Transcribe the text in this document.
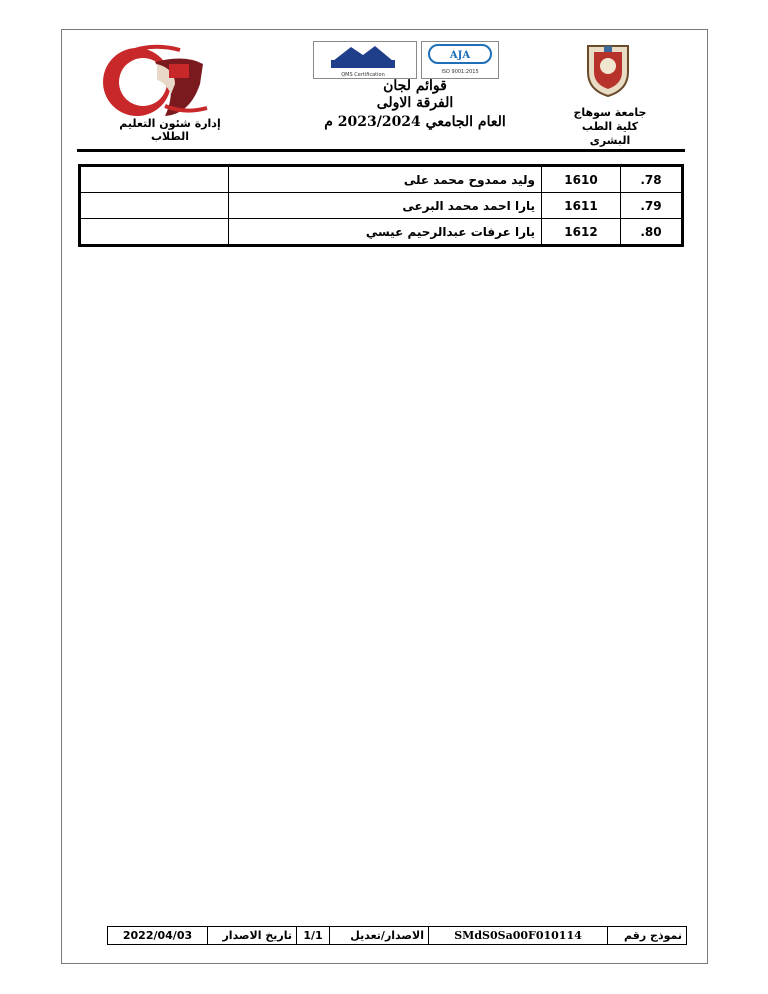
إدارة شئون التعليم الطلاب
QMS Certification
AJA
ISO 9001:2015
قوائم لجان
الفرقة الاولى
العام الجامعي 2023/2024 م
جامعة سوهاج
كلية الطب البشرى
.78	1610	وليد ممدوح محمد على	
.79	1611	يارا احمد محمد البرعى	
.80	1612	يارا عرفات عبدالرحيم عيسي	
نموذج رقم	SMdS0Sa00F010114	الاصدار/تعديل	1/1	تاريخ الاصدار	2022/04/03
